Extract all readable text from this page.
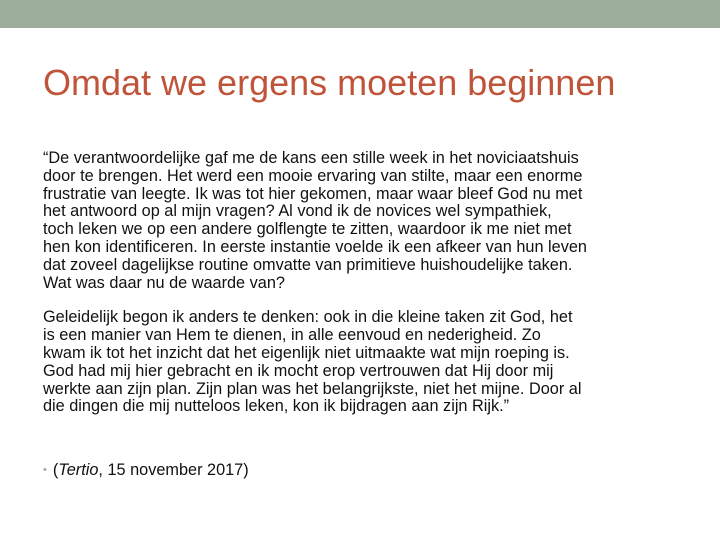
Omdat we ergens moeten beginnen

“De verantwoordelijke gaf me de kans een stille week in het noviciaatshuis
door te brengen. Het werd een mooie ervaring van stilte, maar een enorme
frustratie van leegte. Ik was tot hier gekomen, maar waar bleef God nu met
het antwoord op al mijn vragen? Al vond ik de novices wel sympathiek,
toch leken we op een andere golflengte te zitten, waardoor ik me niet met
hen kon identificeren. In eerste instantie voelde ik een afkeer van hun leven
dat zoveel dagelijkse routine omvatte van primitieve huishoudelijke taken.
Wat was daar nu de waarde van?

Geleidelijk begon ik anders te denken: ook in die kleine taken zit God, het
is een manier van Hem te dienen, in alle eenvoud en nederigheid. Zo
kwam ik tot het inzicht dat het eigenlijk niet uitmaakte wat mijn roeping is.
God had mij hier gebracht en ik mocht erop vertrouwen dat Hij door mij
werkte aan zijn plan. Zijn plan was het belangrijkste, niet het mijne. Door al
die dingen die mij nutteloos leken, kon ik bijdragen aan zijn Rijk.”

• (Tertio, 15 november 2017)
